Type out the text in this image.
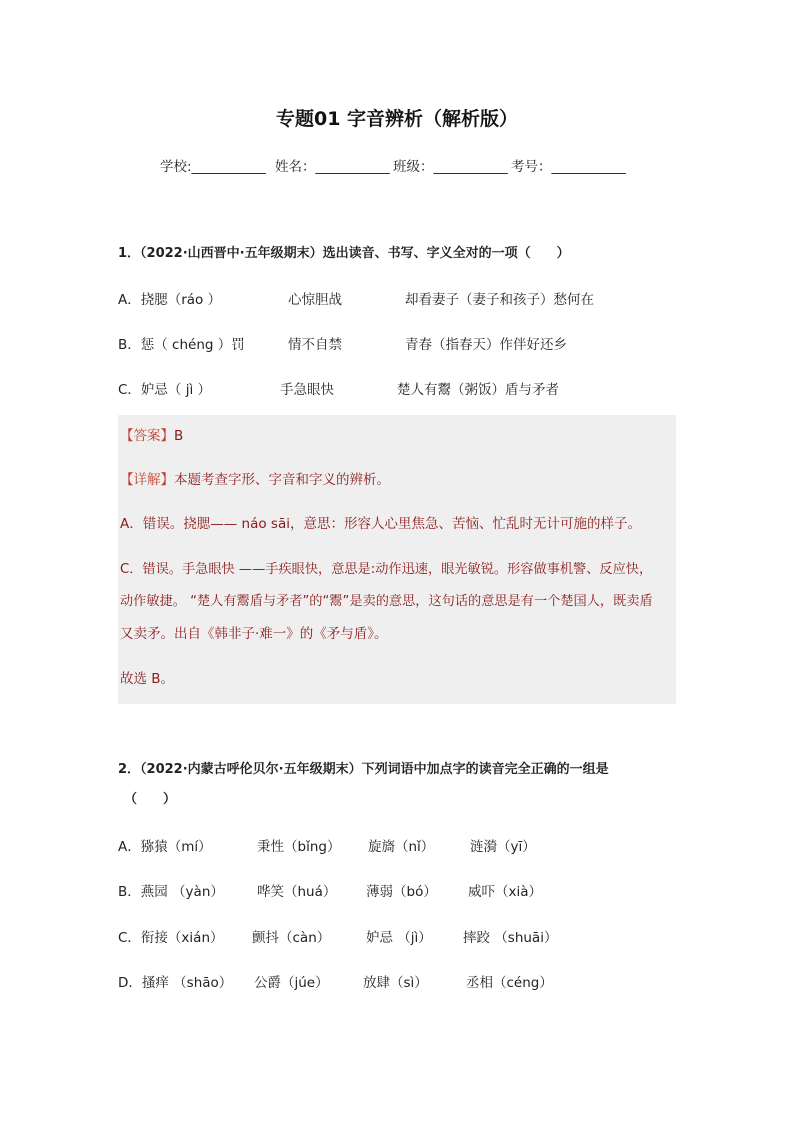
专题01 字音辨析（解析版）
学校:___________ 姓名：___________ 班级：___________ 考号：___________
1．（2022·山西晋中·五年级期末）选出读音、书写、字义全对的一项（　　）
A．挠腮（ráo ）	心惊胆战	却看妻子（妻子和孩子）愁何在
B．惩（ chéng ）罚	情不自禁	青春（指春天）作伴好还乡
C．妒忌（ jì ）	手急眼快	楚人有鬻（粥饭）盾与矛者
【答案】B
【详解】本题考查字形、字音和字义的辨析。
A．错误。挠腮—— náo sāi，意思：形容人心里焦急、苦恼、忙乱时无计可施的样子。
C．错误。手急眼快 ——手疾眼快，意思是:动作迅速，眼光敏锐。形容做事机警、反应快，
动作敏捷。 “楚人有鬻盾与矛者”的“鬻”是卖的意思，这句话的意思是有一个楚国人，既卖盾
又卖矛。出自《韩非子·难一》的《矛与盾》。
故选 B。
2．（2022·内蒙古呼伦贝尔·五年级期末）下列词语中加点字的读音完全正确的一组是
（　　）
A．猕猿（mí）	秉性（bǐng） 旋旖（nǐ）	涟漪（yī）
B．燕园 （yàn） 哗笑（huá） 薄弱（bó） 威吓（xià）
C．衔接（xián） 颤抖（càn）	妒忌 （jì） 摔跤 （shuāi）
D．搔痒 （shāo） 公爵（júe）	放肆（sì）	丞相（céng）
